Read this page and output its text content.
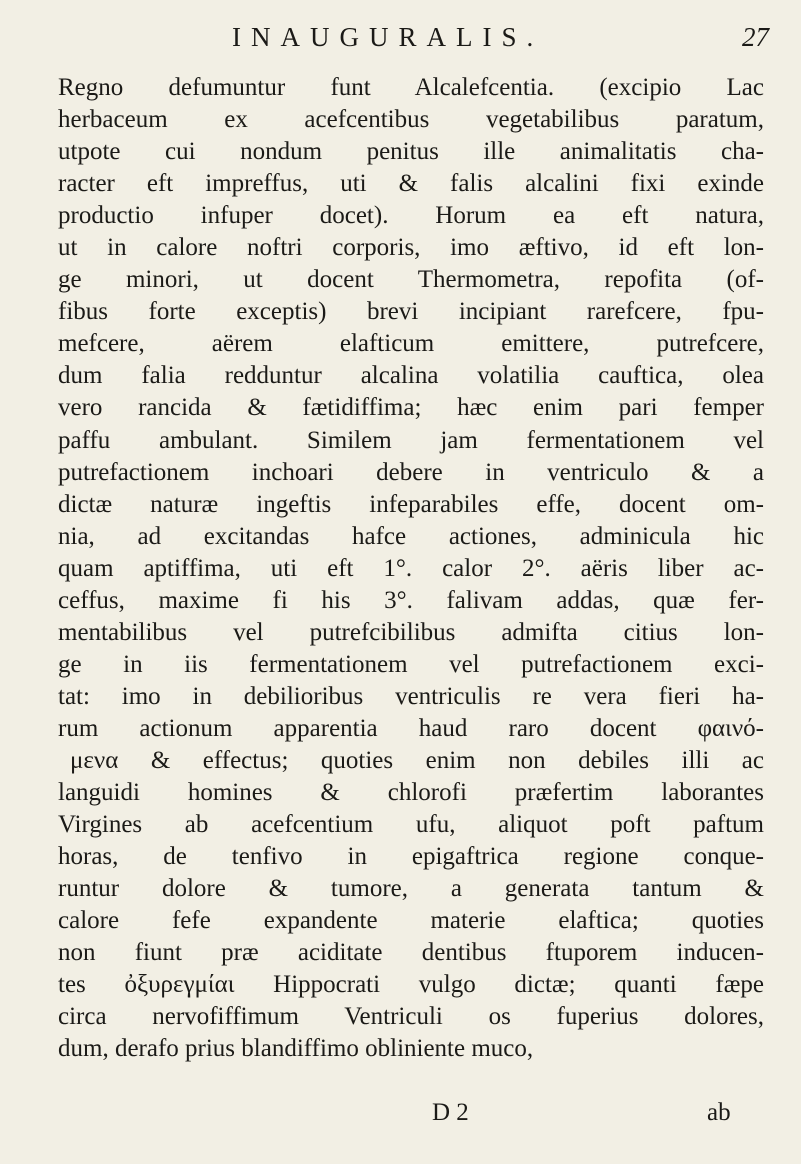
INAUGURALIS.	27
Regno defumuntur funt Alcalefcentia. (excipio Lac
herbaceum ex acefcentibus vegetabilibus paratum,
utpote cui nondum penitus ille animalitatis cha-
racter eft impreffus, uti & falis alcalini fixi exinde
productio infuper docet). Horum ea eft natura,
ut in calore noftri corporis, imo æftivo, id eft lon-
ge minori, ut docent Thermometra, repofita (of-
fibus forte exceptis) brevi incipiant rarefcere, fpu-
mefcere, aërem elafticum emittere, putrefcere,
dum falia redduntur alcalina volatilia cauftica, olea
vero rancida & fætidiffima; hæc enim pari femper
paffu ambulant. Similem jam fermentationem vel
putrefactionem inchoari debere in ventriculo & a
dictæ naturæ ingeftis infeparabiles effe, docent om-
nia, ad excitandas hafce actiones, adminicula hic
quam aptiffima, uti eft 1°. calor 2°. aëris liber ac-
ceffus, maxime fi his 3°. falivam addas, quæ fer-
mentabilibus vel putrefcibilibus admifta citius lon-
ge in iis fermentationem vel putrefactionem exci-
tat: imo in debilioribus ventriculis re vera fieri ha-
rum actionum apparentia haud raro docent φαινό-
μενα & effectus; quoties enim non debiles illi ac
languidi homines & chlorofi præfertim laborantes
Virgines ab acefcentium ufu, aliquot poft paftum
horas, de tenfivo in epigaftrica regione conque-
runtur dolore & tumore, a generata tantum &
calore fefe expandente materie elaftica; quoties
non fiunt præ aciditate dentibus ftuporem inducen-
tes ὀξυρεγμίαι Hippocrati vulgo dictæ; quanti fæpe
circa nervofiffimum Ventriculi os fuperius dolores,
dum, derafo prius blandiffimo obliniente muco,
D 2	ab
